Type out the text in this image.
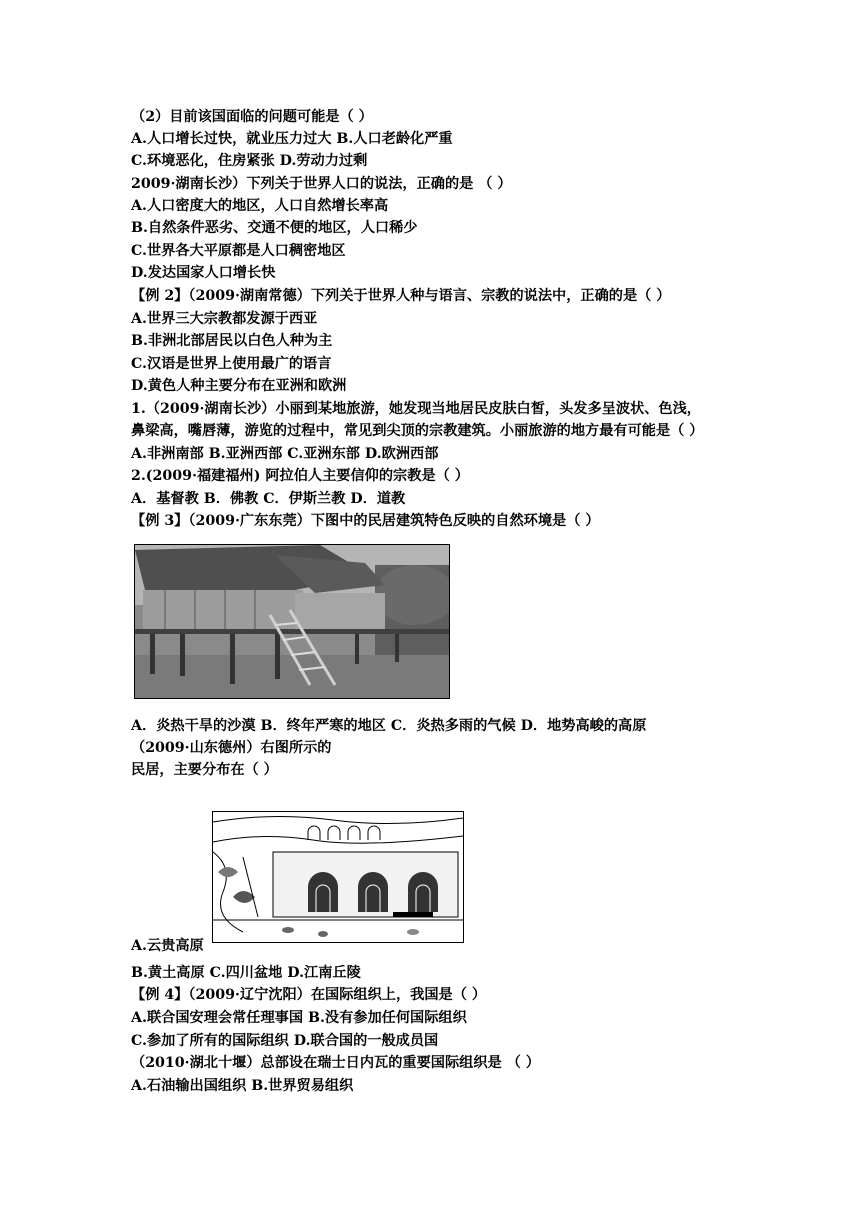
（2）目前该国面临的问题可能是（ ）
A.人口增长过快，就业压力过大 B.人口老龄化严重
C.环境恶化，住房紧张 D.劳动力过剩
2009·湖南长沙）下列关于世界人口的说法，正确的是 （ ）
A.人口密度大的地区，人口自然增长率高
B.自然条件恶劣、交通不便的地区，人口稀少
C.世界各大平原都是人口稠密地区
D.发达国家人口增长快
【例 2】（2009·湖南常德）下列关于世界人种与语言、宗教的说法中，正确的是（ ）
A.世界三大宗教都发源于西亚
B.非洲北部居民以白色人种为主
C.汉语是世界上使用最广的语言
D.黄色人种主要分布在亚洲和欧洲
1.（2009·湖南长沙）小丽到某地旅游，她发现当地居民皮肤白皙，头发多呈波状、色浅，
鼻梁高，嘴唇薄，游览的过程中，常见到尖顶的宗教建筑。小丽旅游的地方最有可能是（ ）
A.非洲南部 B.亚洲西部 C.亚洲东部 D.欧洲西部
2.(2009·福建福州) 阿拉伯人主要信仰的宗教是（ ）
A．基督教 B．佛教 C．伊斯兰教 D．道教
【例 3】（2009·广东东莞）下图中的民居建筑特色反映的自然环境是（ ）
A．炎热干旱的沙漠 B．终年严寒的地区 C．炎热多雨的气候 D．地势高峻的高原
（2009·山东德州）右图所示的
民居，主要分布在（ ）
A.云贵高原
B.黄土高原 C.四川盆地 D.江南丘陵
【例 4】（2009·辽宁沈阳）在国际组织上，我国是（ ）
A.联合国安理会常任理事国 B.没有参加任何国际组织
C.参加了所有的国际组织 D.联合国的一般成员国
（2010·湖北十堰）总部设在瑞士日内瓦的重要国际组织是 （ ）
A.石油输出国组织 B.世界贸易组织
